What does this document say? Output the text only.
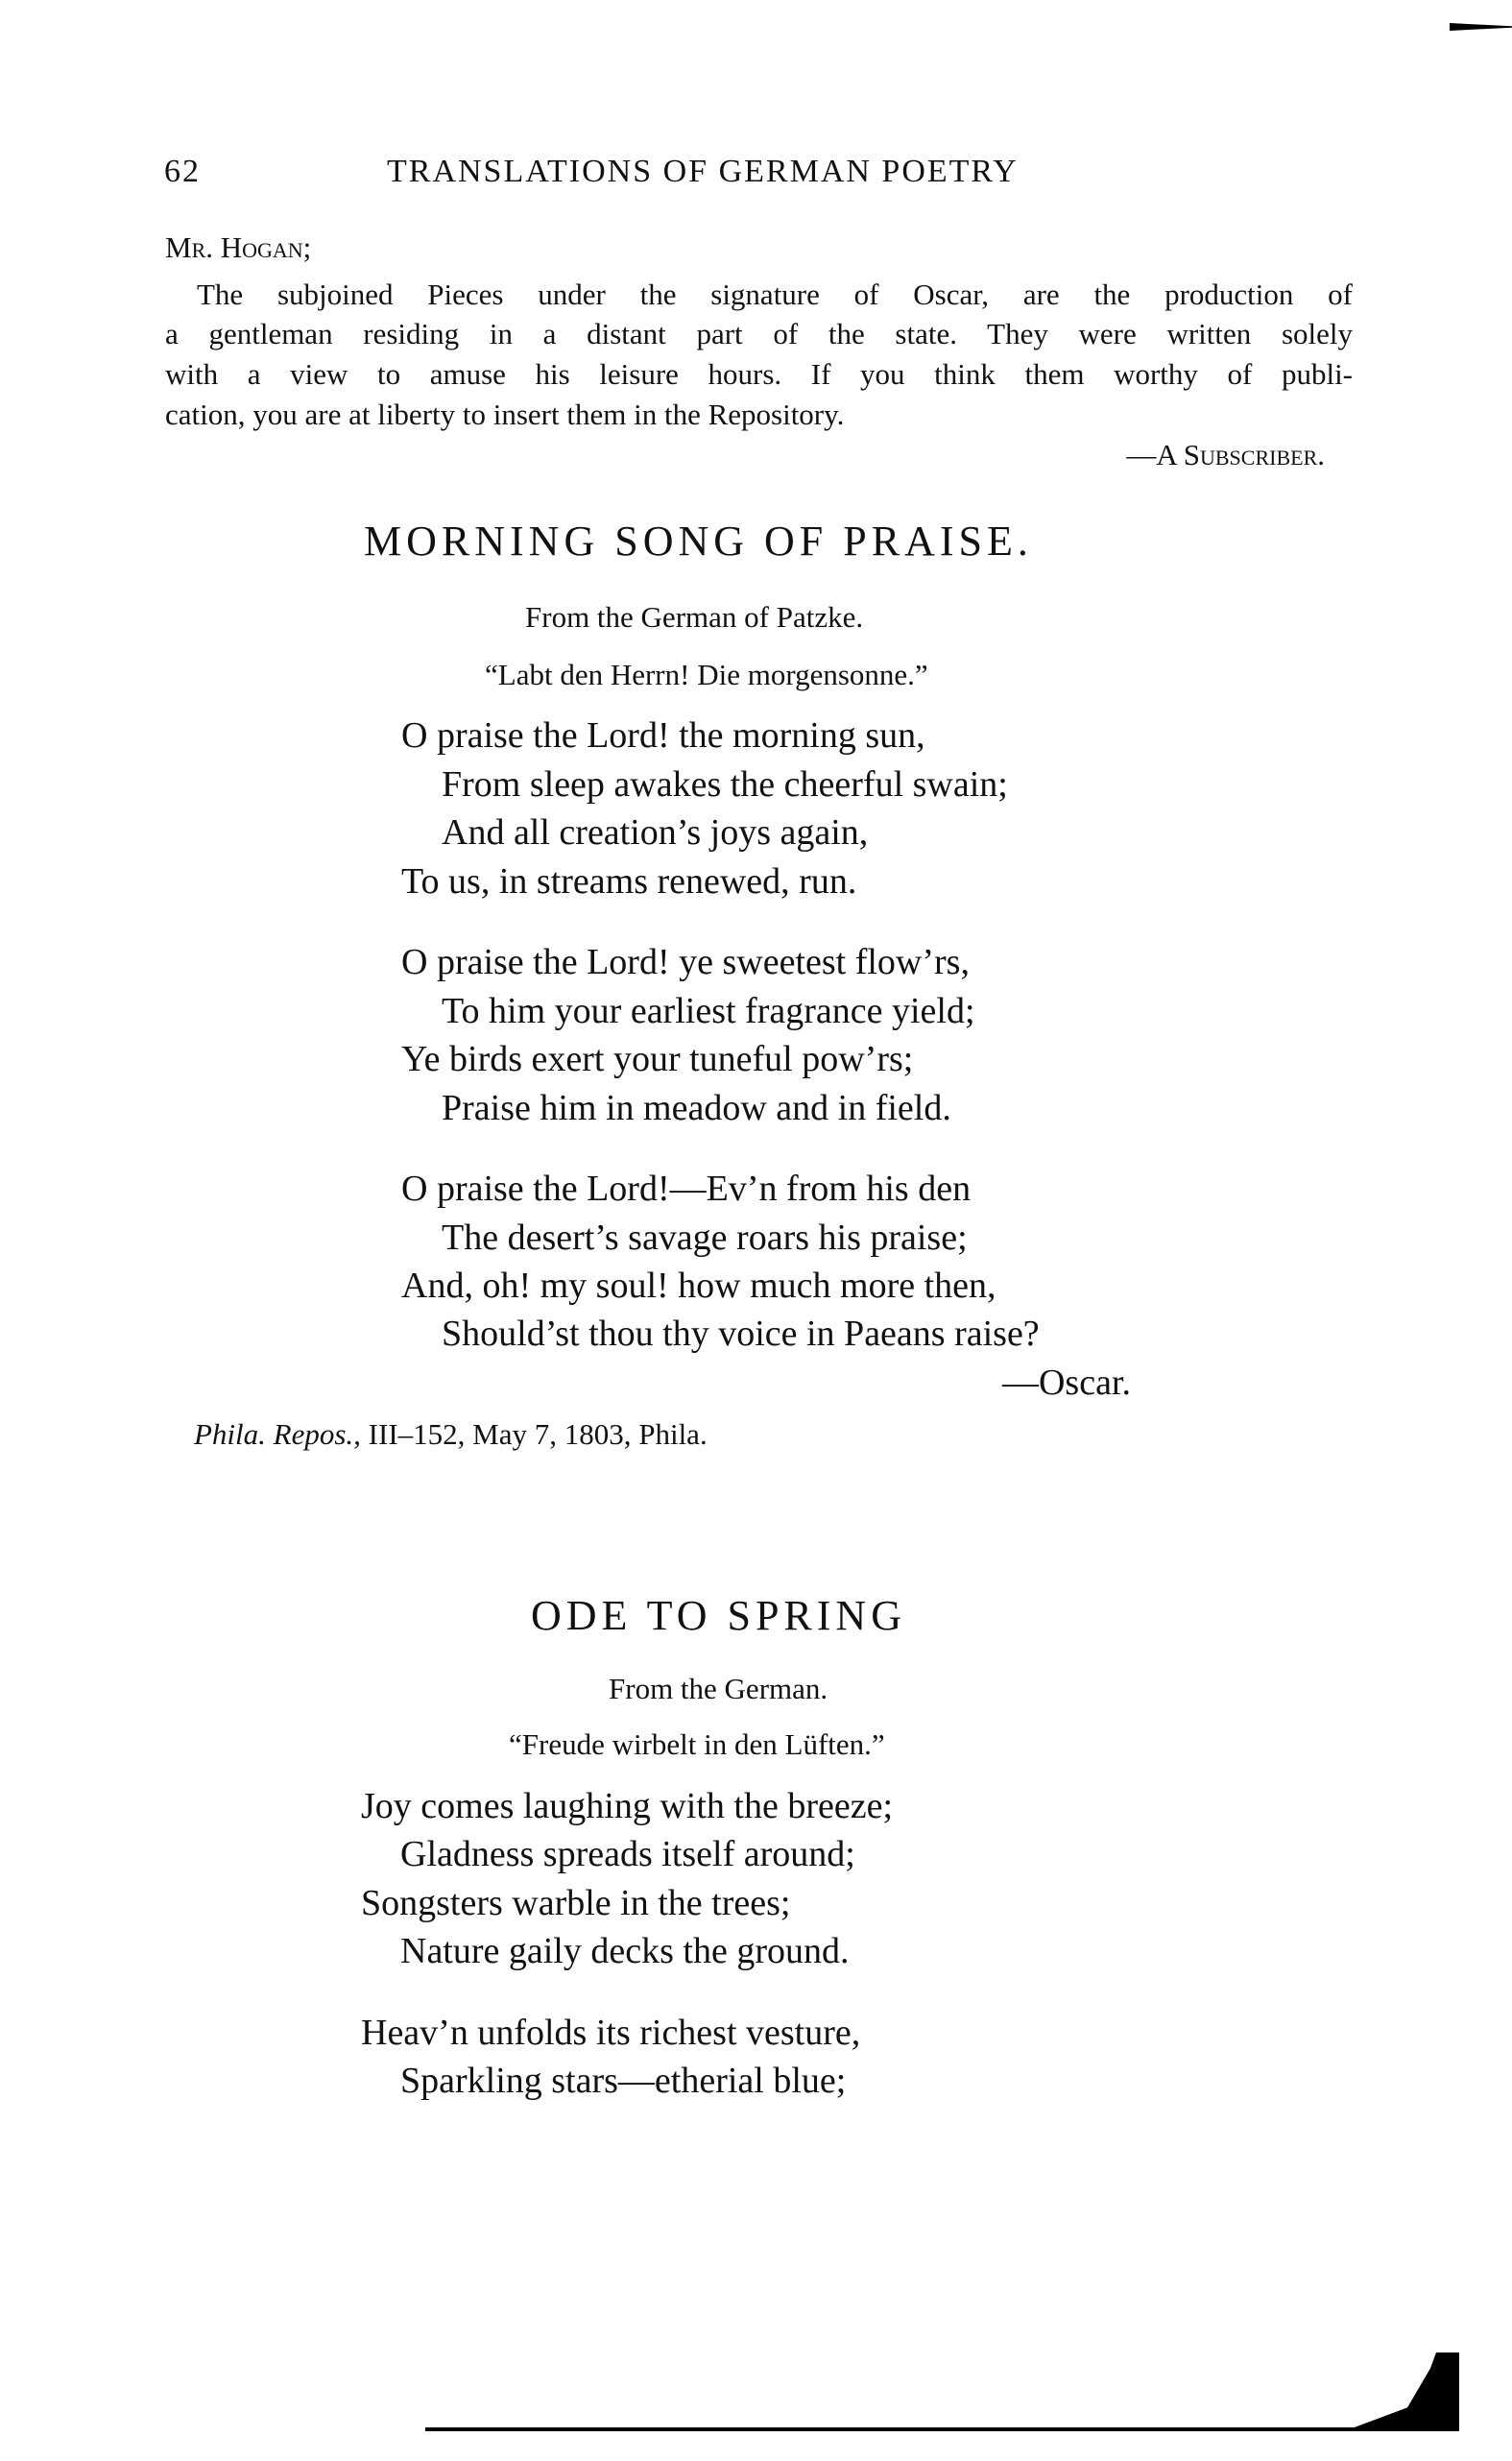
62	TRANSLATIONS OF GERMAN POETRY
Mr. Hogan;
The subjoined Pieces under the signature of Oscar, are the production of
a gentleman residing in a distant part of the state. They were written solely
with a view to amuse his leisure hours. If you think them worthy of publi-
cation, you are at liberty to insert them in the Repository.
—A Subscriber.
MORNING SONG OF PRAISE.
From the German of Patzke.
“Labt den Herrn! Die morgensonne.”
O praise the Lord! the morning sun,
From sleep awakes the cheerful swain;
And all creation’s joys again,
To us, in streams renewed, run.
O praise the Lord! ye sweetest flow’rs,
To him your earliest fragrance yield;
Ye birds exert your tuneful pow’rs;
Praise him in meadow and in field.
O praise the Lord!—Ev’n from his den
The desert’s savage roars his praise;
And, oh! my soul! how much more then,
Should’st thou thy voice in Paeans raise?
—Oscar.
Phila. Repos., III–152, May 7, 1803, Phila.
ODE TO SPRING
From the German.
“Freude wirbelt in den Lüften.”
Joy comes laughing with the breeze;
Gladness spreads itself around;
Songsters warble in the trees;
Nature gaily decks the ground.
Heav’n unfolds its richest vesture,
Sparkling stars—etherial blue;
